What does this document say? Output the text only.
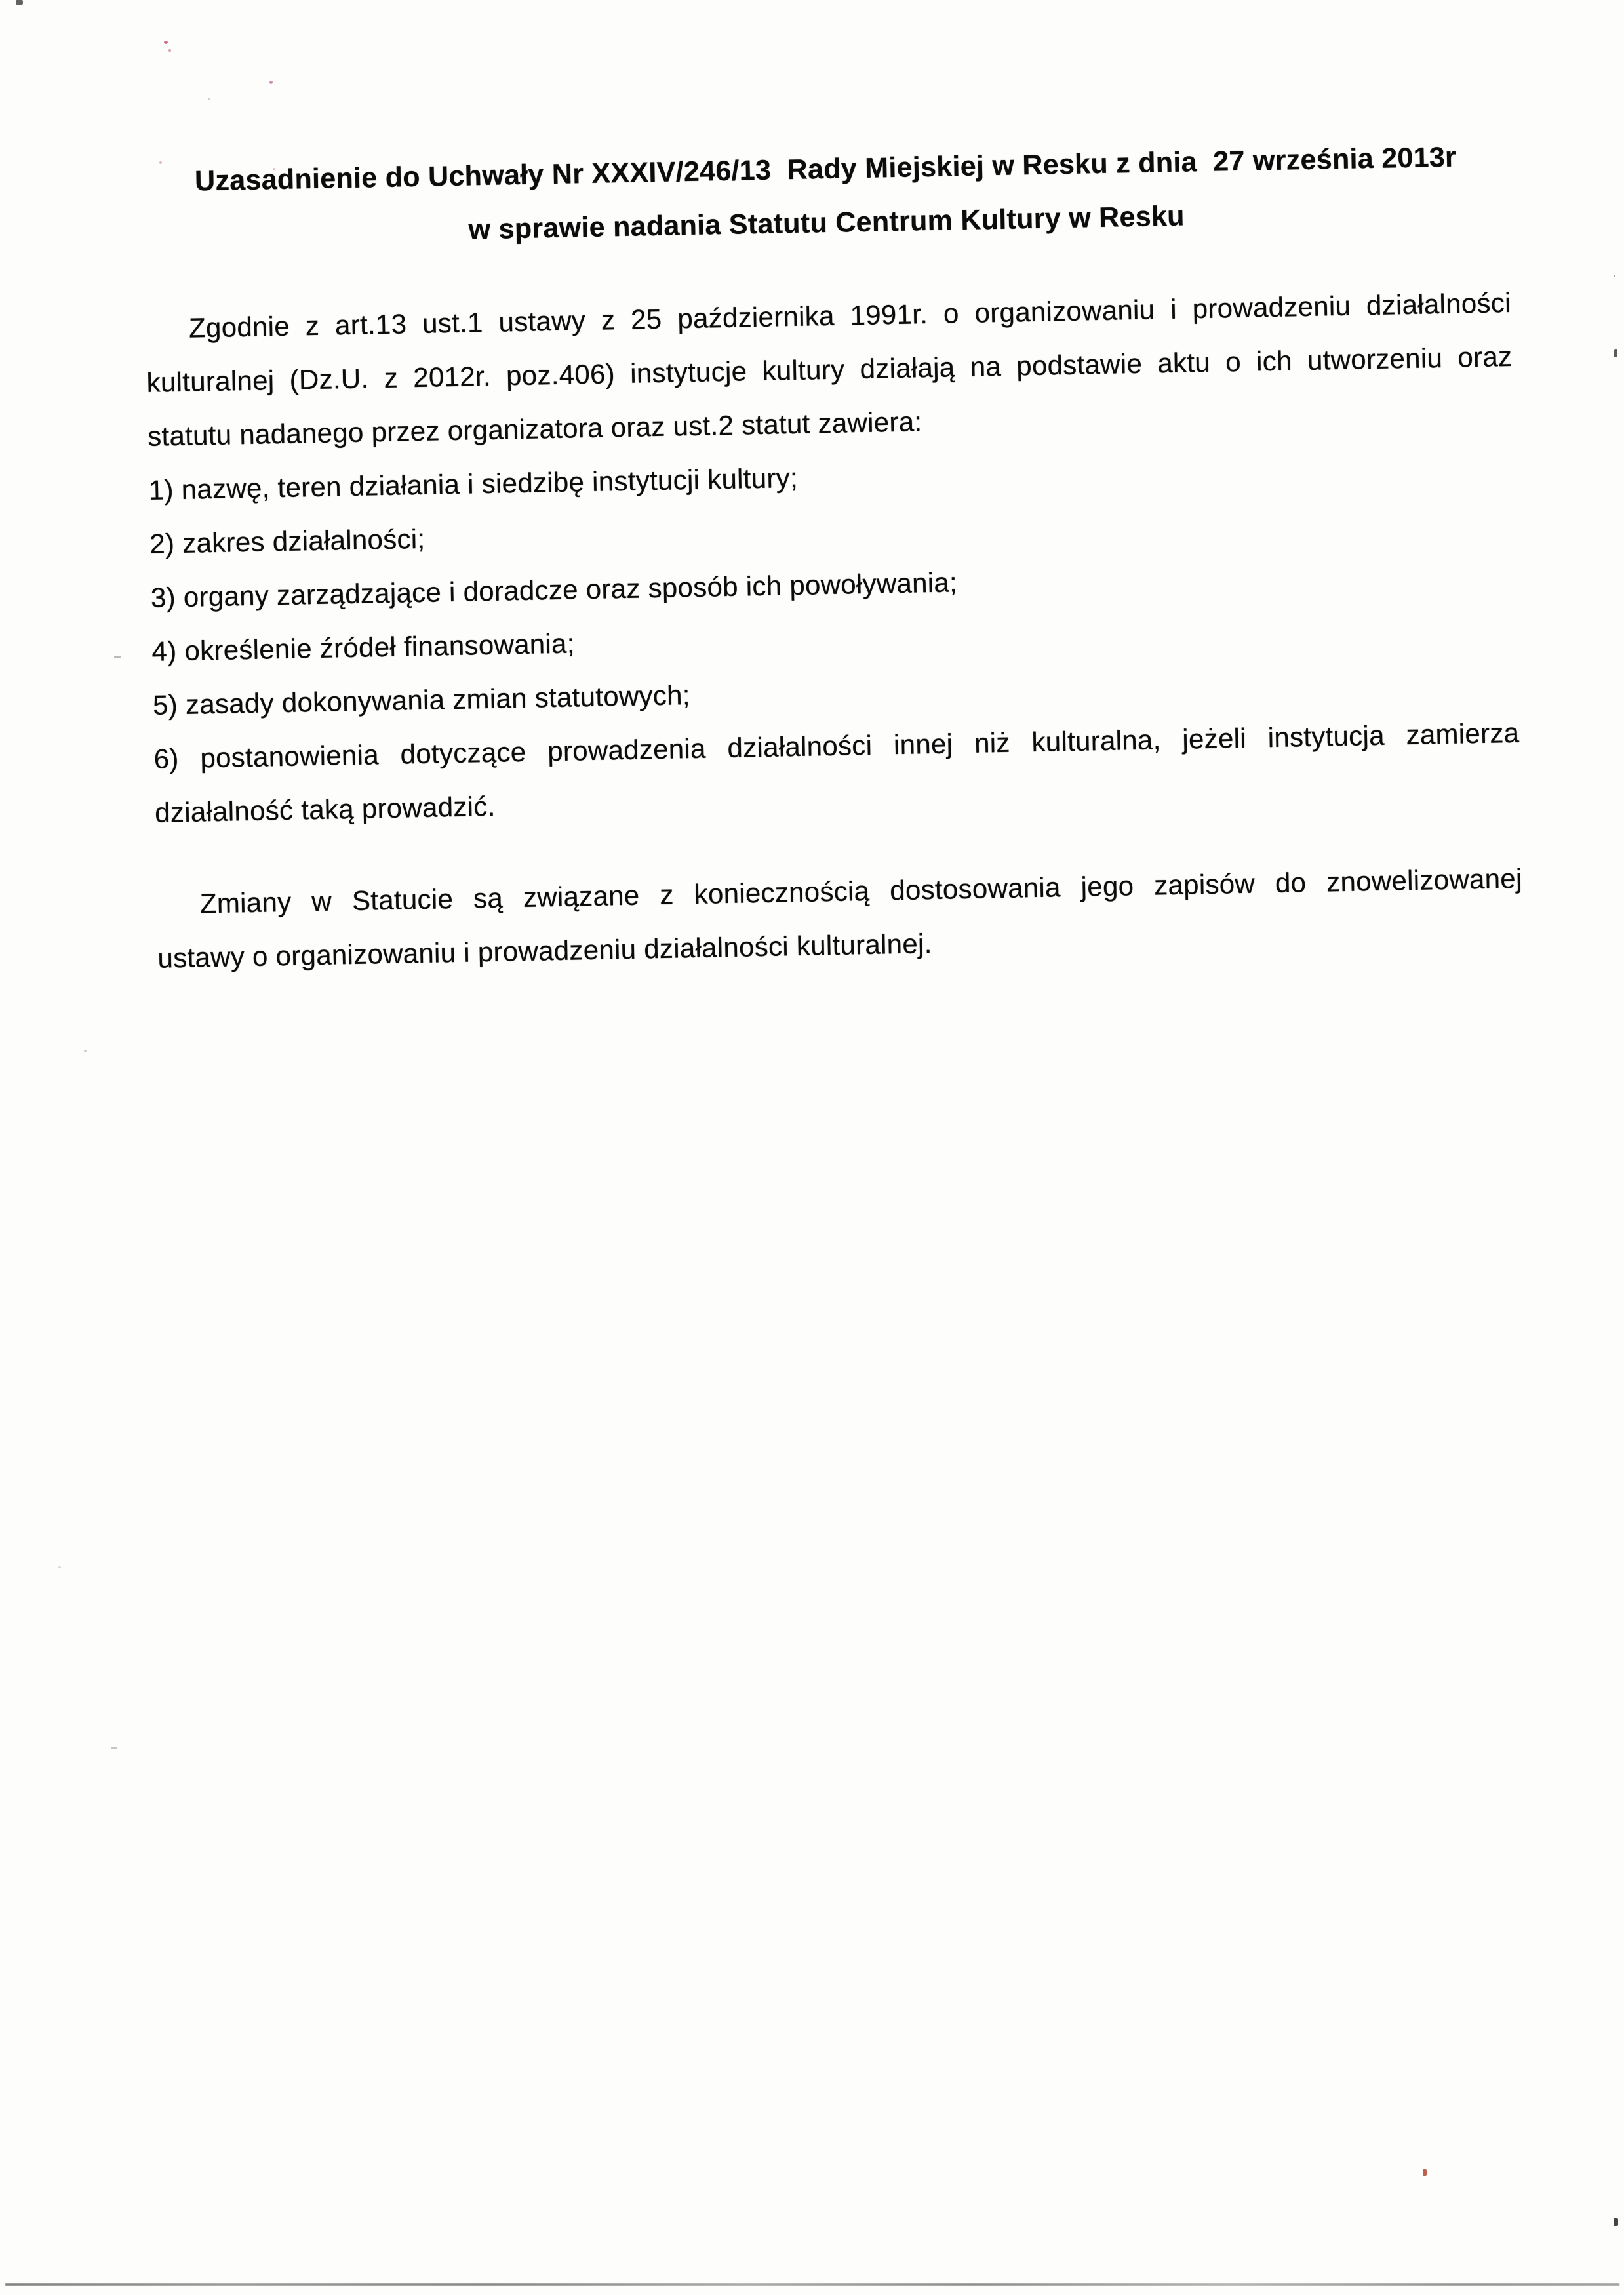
Uzasadnienie do Uchwały Nr XXXIV/246/13  Rady Miejskiej w Resku z dnia  27 września 2013r
w sprawie nadania Statutu Centrum Kultury w Resku
Zgodnie z art.13 ust.1 ustawy z 25 października 1991r. o organizowaniu i prowadzeniu działalności
kulturalnej (Dz.U. z 2012r. poz.406) instytucje kultury działają na podstawie aktu o ich utworzeniu oraz
statutu nadanego przez organizatora oraz ust.2 statut zawiera:
1) nazwę, teren działania i siedzibę instytucji kultury;
2) zakres działalności;
3) organy zarządzające i doradcze oraz sposób ich powoływania;
4) określenie źródeł finansowania;
5) zasady dokonywania zmian statutowych;
6) postanowienia dotyczące prowadzenia działalności innej niż kulturalna, jeżeli instytucja zamierza
działalność taką prowadzić.
Zmiany w Statucie są związane z koniecznością dostosowania jego zapisów do znowelizowanej
ustawy o organizowaniu i prowadzeniu działalności kulturalnej.
